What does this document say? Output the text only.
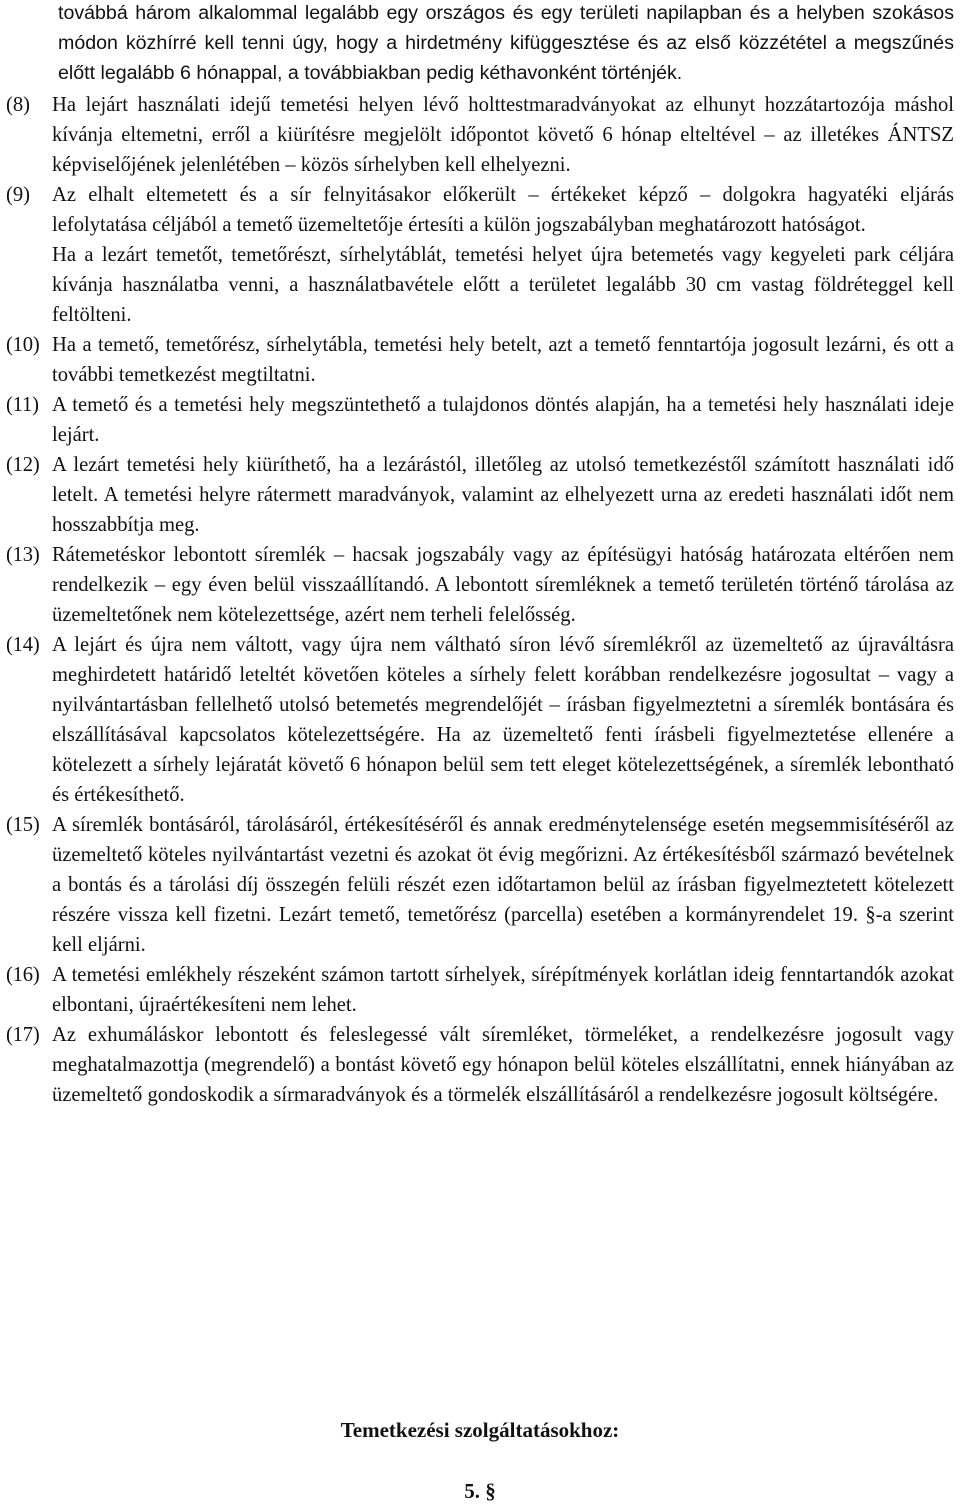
továbbá három alkalommal legalább egy országos és egy területi napilapban és a helyben szokásos módon közhírré kell tenni úgy, hogy a hirdetmény kifüggesztése és az első közzététel a megszűnés előtt legalább 6 hónappal, a továbbiakban pedig kéthavonként történjék.
(8)	Ha lejárt használati idejű temetési helyen lévő holttestmaradványokat az elhunyt hozzátartozója máshol kívánja eltemetni, erről a kiürítésre megjelölt időpontot követő 6 hónap elteltével – az illetékes ÁNTSZ képviselőjének jelenlétében – közös sírhelyben kell elhelyezni.
(9)	Az elhalt eltemetett és a sír felnyitásakor előkerült – értékeket képző – dolgokra hagyatéki eljárás lefolytatása céljából a temető üzemeltetője értesíti a külön jogszabályban meghatározott hatóságot.
Ha a lezárt temetőt, temetőrészt, sírhelytáblát, temetési helyet újra betemetés vagy kegyeleti park céljára kívánja használatba venni, a használatbavétele előtt a területet legalább 30 cm vastag földréteggel kell feltölteni.
(10) Ha a temető, temetőrész, sírhelytábla, temetési hely betelt, azt a temető fenntartója jogosult lezárni, és ott a további temetkezést megtiltatni.
(11) A temető és a temetési hely megszüntethető a tulajdonos döntés alapján, ha a temetési hely használati ideje lejárt.
(12) A lezárt temetési hely kiüríthető, ha a lezárástól, illetőleg az utolsó temetkezéstől számított használati idő letelt. A temetési helyre rátermett maradványok, valamint az elhelyezett urna az eredeti használati időt nem hosszabbítja meg.
(13) Rátemetéskor lebontott síremlék – hacsak jogszabály vagy az építésügyi hatóság határozata eltérően nem rendelkezik – egy éven belül visszaállítandó. A lebontott síremléknek a temető területén történő tárolása az üzemeltetőnek nem kötelezettsége, azért nem terheli felelősség.
(14) A lejárt és újra nem váltott, vagy újra nem váltható síron lévő síremlékről az üzemeltető az újraváltásra meghirdetett határidő leteltét követően köteles a sírhely felett korábban rendelkezésre jogosultat – vagy a nyilvántartásban fellelhető utolsó betemetés megrendelőjét – írásban figyelmeztetni a síremlék bontására és elszállításával kapcsolatos kötelezettségére. Ha az üzemeltető fenti írásbeli figyelmeztetése ellenére a kötelezett a sírhely lejáratát követő 6 hónapon belül sem tett eleget kötelezettségének, a síremlék lebontható és értékesíthető.
(15) A síremlék bontásáról, tárolásáról, értékesítéséről és annak eredménytelensége esetén megsemmisítéséről az üzemeltető köteles nyilvántartást vezetni és azokat öt évig megőrizni. Az értékesítésből származó bevételnek a bontás és a tárolási díj összegén felüli részét ezen időtartamon belül az írásban figyelmeztetett kötelezett részére vissza kell fizetni. Lezárt temető, temetőrész (parcella) esetében a kormányrendelet 19. §-a szerint kell eljárni.
(16) A temetési emlékhely részeként számon tartott sírhelyek, sírépítmények korlátlan ideig fenntartandók azokat elbontani, újraértékesíteni nem lehet.
(17) Az exhumáláskor lebontott és feleslegessé vált síremléket, törmeléket, a rendelkezésre jogosult vagy meghatalmazottja (megrendelő) a bontást követő egy hónapon belül köteles elszállítatni, ennek hiányában az üzemeltető gondoskodik a sírmaradványok és a törmelék elszállításáról a rendelkezésre jogosult költségére.
Temetkezési szolgáltatásokhoz:
5. §
